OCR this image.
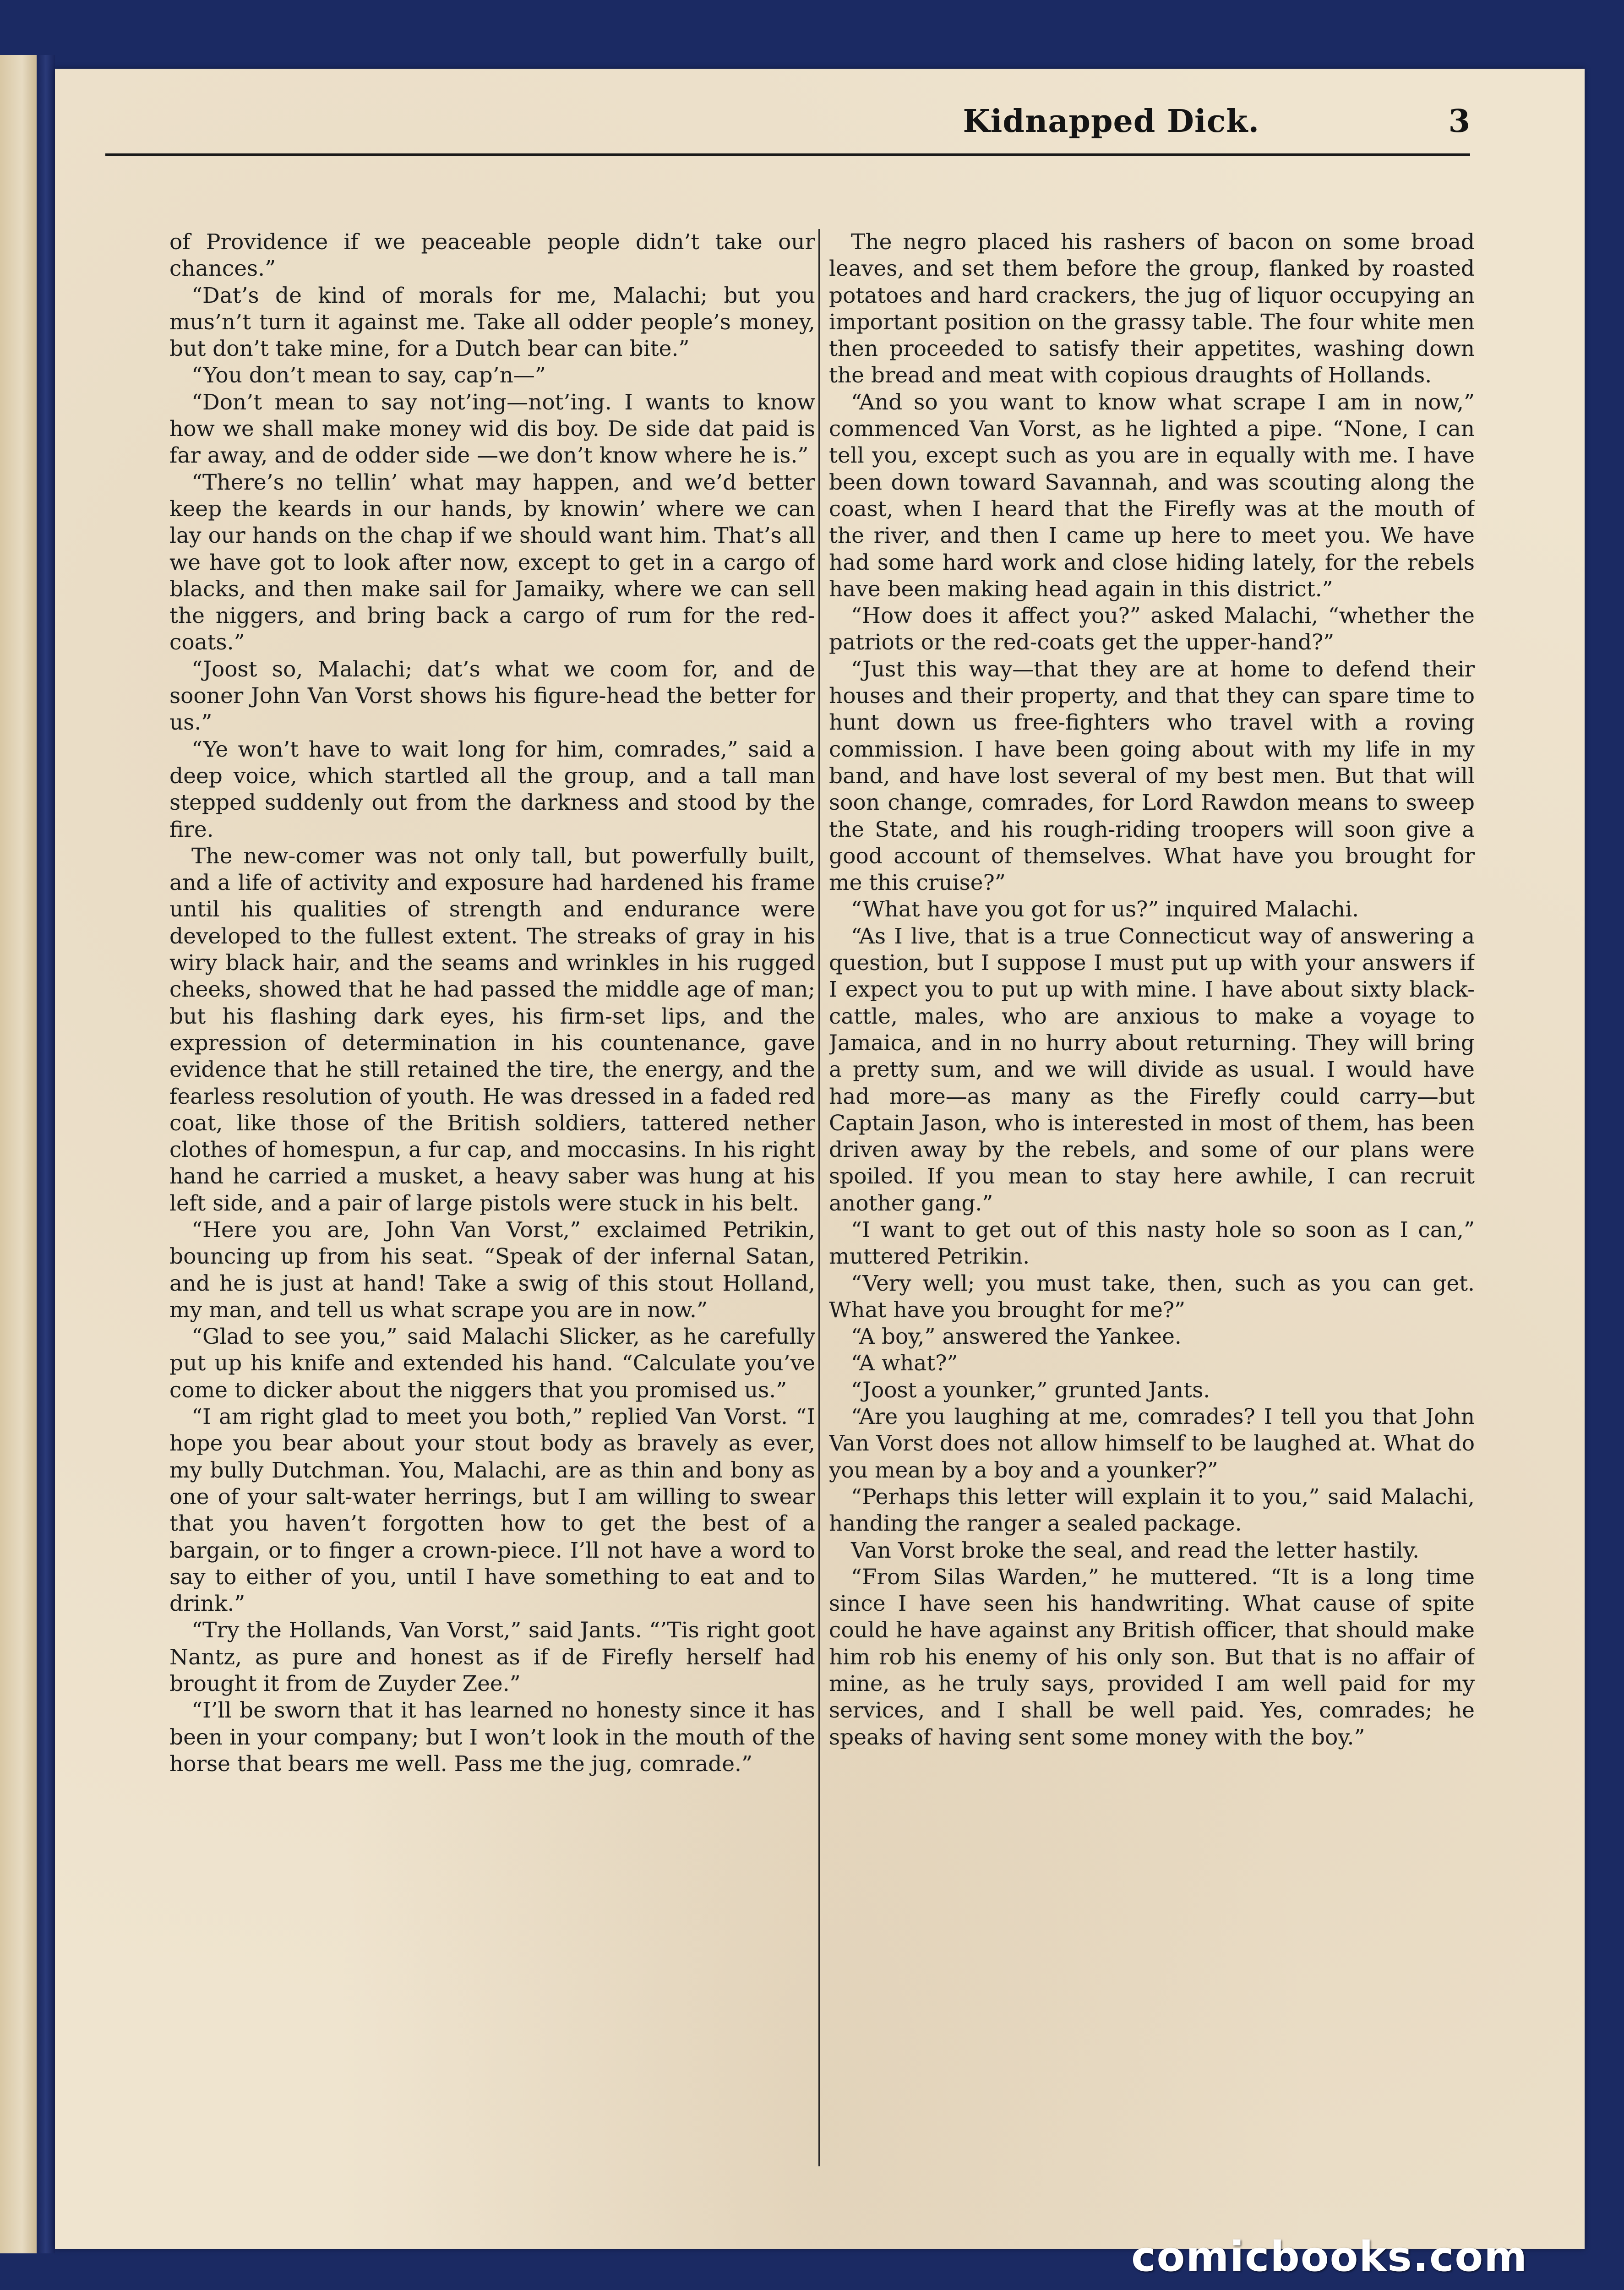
Kidnapped Dick.	3

of Providence if we peaceable people didn’t take our chances.”

“Dat’s de kind of morals for me, Malachi; but you mus’n’t turn it against me. Take all odder people’s money, but don’t take mine, for a Dutch bear can bite.”

“You don’t mean to say, cap’n—”

“Don’t mean to say not’ing—not’ing. I wants to know how we shall make money wid dis boy. De side dat paid is far away, and de odder side —we don’t know where he is.”

“There’s no tellin’ what may happen, and we’d better keep the keards in our hands, by knowin’ where we can lay our hands on the chap if we should want him. That’s all we have got to look after now, except to get in a cargo of blacks, and then make sail for Jamaiky, where we can sell the niggers, and bring back a cargo of rum for the red-coats.”

“Joost so, Malachi; dat’s what we coom for, and de sooner John Van Vorst shows his figure-head the better for us.”

“Ye won’t have to wait long for him, comrades,” said a deep voice, which startled all the group, and a tall man stepped suddenly out from the darkness and stood by the fire.

The new-comer was not only tall, but powerfully built, and a life of activity and exposure had hardened his frame until his qualities of strength and endurance were developed to the fullest extent. The streaks of gray in his wiry black hair, and the seams and wrinkles in his rugged cheeks, showed that he had passed the middle age of man; but his flashing dark eyes, his firm-set lips, and the expression of determination in his countenance, gave evidence that he still retained the tire, the energy, and the fearless resolution of youth. He was dressed in a faded red coat, like those of the British soldiers, tattered nether clothes of homespun, a fur cap, and moccasins. In his right hand he carried a musket, a heavy saber was hung at his left side, and a pair of large pistols were stuck in his belt.

“Here you are, John Van Vorst,” exclaimed Petrikin, bouncing up from his seat. “Speak of der infernal Satan, and he is just at hand! Take a swig of this stout Holland, my man, and tell us what scrape you are in now.”

“Glad to see you,” said Malachi Slicker, as he carefully put up his knife and extended his hand. “Calculate you’ve come to dicker about the niggers that you promised us.”

“I am right glad to meet you both,” replied Van Vorst. “I hope you bear about your stout body as bravely as ever, my bully Dutchman. You, Malachi, are as thin and bony as one of your salt-water herrings, but I am willing to swear that you haven’t forgotten how to get the best of a bargain, or to finger a crown-piece. I’ll not have a word to say to either of you, until I have something to eat and to drink.”

“Try the Hollands, Van Vorst,” said Jants. “’Tis right goot Nantz, as pure and honest as if de Firefly herself had brought it from de Zuyder Zee.”

“I’ll be sworn that it has learned no honesty since it has been in your company; but I won’t look in the mouth of the horse that bears me well. Pass me the jug, comrade.”

The negro placed his rashers of bacon on some broad leaves, and set them before the group, flanked by roasted potatoes and hard crackers, the jug of liquor occupying an important position on the grassy table. The four white men then proceeded to satisfy their appetites, washing down the bread and meat with copious draughts of Hollands.

“And so you want to know what scrape I am in now,” commenced Van Vorst, as he lighted a pipe. “None, I can tell you, except such as you are in equally with me. I have been down toward Savannah, and was scouting along the coast, when I heard that the Firefly was at the mouth of the river, and then I came up here to meet you. We have had some hard work and close hiding lately, for the rebels have been making head again in this district.”

“How does it affect you?” asked Malachi, “whether the patriots or the red-coats get the upper-hand?”

“Just this way—that they are at home to defend their houses and their property, and that they can spare time to hunt down us free-fighters who travel with a roving commission. I have been going about with my life in my band, and have lost several of my best men. But that will soon change, comrades, for Lord Rawdon means to sweep the State, and his rough-riding troopers will soon give a good account of themselves. What have you brought for me this cruise?”

“What have you got for us?” inquired Malachi.

“As I live, that is a true Connecticut way of answering a question, but I suppose I must put up with your answers if I expect you to put up with mine. I have about sixty black-cattle, males, who are anxious to make a voyage to Jamaica, and in no hurry about returning. They will bring a pretty sum, and we will divide as usual. I would have had more—as many as the Firefly could carry—but Captain Jason, who is interested in most of them, has been driven away by the rebels, and some of our plans were spoiled. If you mean to stay here awhile, I can recruit another gang.”

“I want to get out of this nasty hole so soon as I can,” muttered Petrikin.

“Very well; you must take, then, such as you can get. What have you brought for me?”

“A boy,” answered the Yankee.

“A what?”

“Joost a younker,” grunted Jants.

“Are you laughing at me, comrades? I tell you that John Van Vorst does not allow himself to be laughed at. What do you mean by a boy and a younker?”

“Perhaps this letter will explain it to you,” said Malachi, handing the ranger a sealed package.

Van Vorst broke the seal, and read the letter hastily.

“From Silas Warden,” he muttered. “It is a long time since I have seen his handwriting. What cause of spite could he have against any British officer, that should make him rob his enemy of his only son. But that is no affair of mine, as he truly says, provided I am well paid for my services, and I shall be well paid. Yes, comrades; he speaks of having sent some money with the boy.”

comicbooks.com
